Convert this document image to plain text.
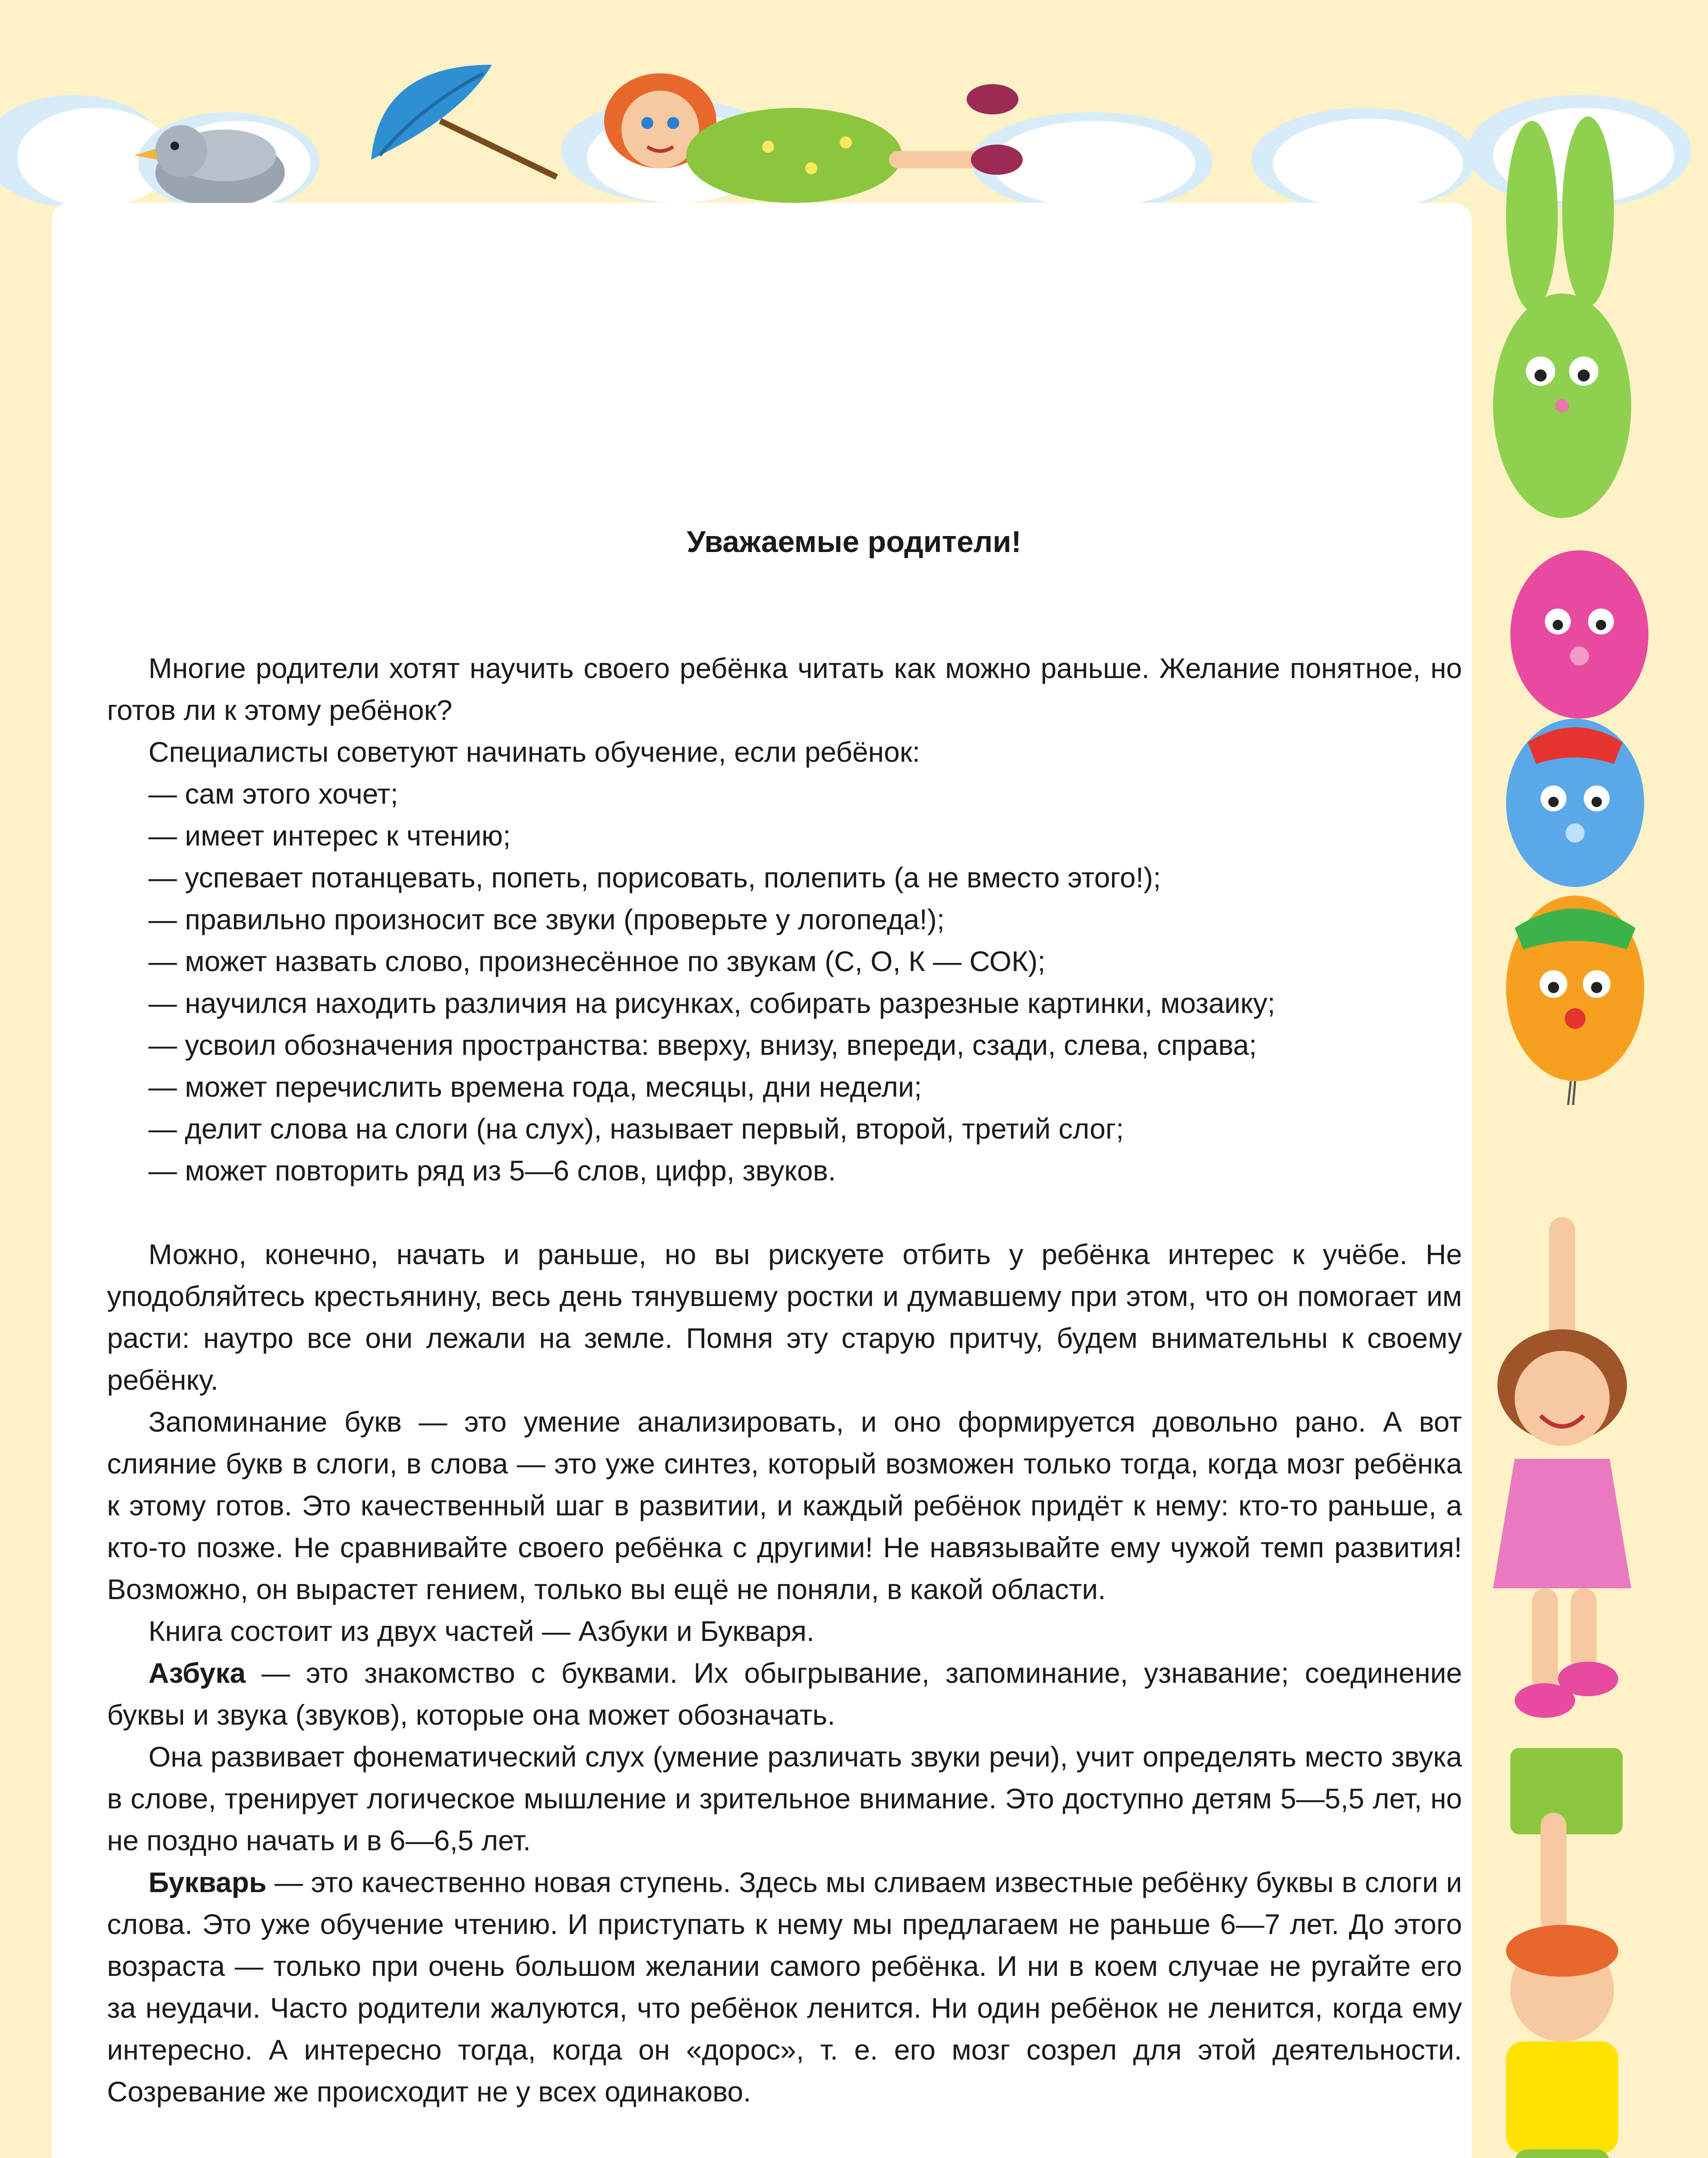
Уважаемые родители!

Многие родители хотят научить своего ребёнка читать как можно раньше. Желание понятное, но готов ли к этому ребёнок?

Специалисты советуют начинать обучение, если ребёнок:

— сам этого хочет;

— имеет интерес к чтению;

— успевает потанцевать, попеть, порисовать, полепить (а не вместо этого!);

— правильно произносит все звуки (проверьте у логопеда!);

— может назвать слово, произнесённое по звукам (С, О, К — СОК);

— научился находить различия на рисунках, собирать разрезные картинки, мозаику;

— усвоил обозначения пространства: вверху, внизу, впереди, сзади, слева, справа;

— может перечислить времена года, месяцы, дни недели;

— делит слова на слоги (на слух), называет первый, второй, третий слог;

— может повторить ряд из 5—6 слов, цифр, звуков.

Можно, конечно, начать и раньше, но вы рискуете отбить у ребёнка интерес к учёбе. Не уподобляйтесь крестьянину, весь день тянувшему ростки и думавшему при этом, что он помогает им расти: наутро все они лежали на земле. Помня эту старую притчу, будем внимательны к своему ребёнку.

Запоминание букв — это умение анализировать, и оно формируется довольно рано. А вот слияние букв в слоги, в слова — это уже синтез, который возможен только тогда, когда мозг ребёнка к этому готов. Это качественный шаг в развитии, и каждый ребёнок придёт к нему: кто-то раньше, а кто-то позже. Не сравнивайте своего ребёнка с другими! Не навязывайте ему чужой темп развития! Возможно, он вырастет гением, только вы ещё не поняли, в какой области.

Книга состоит из двух частей — Азбуки и Букваря.

Азбука — это знакомство с буквами. Их обыгрывание, запоминание, узнавание; соединение буквы и звука (звуков), которые она может обозначать.

Она развивает фонематический слух (умение различать звуки речи), учит определять место звука в слове, тренирует логическое мышление и зрительное внимание. Это доступно детям 5—5,5 лет, но не поздно начать и в 6—6,5 лет.

Букварь — это качественно новая ступень. Здесь мы сливаем известные ребёнку буквы в слоги и слова. Это уже обучение чтению. И приступать к нему мы предлагаем не раньше 6—7 лет. До этого возраста — только при очень большом желании самого ребёнка. И ни в коем случае не ругайте его за неудачи. Часто родители жалуются, что ребёнок ленится. Ни один ребёнок не ленится, когда ему интересно. А интересно тогда, когда он «дорос», т. е. его мозг созрел для этой деятельности. Созревание же происходит не у всех одинаково.
